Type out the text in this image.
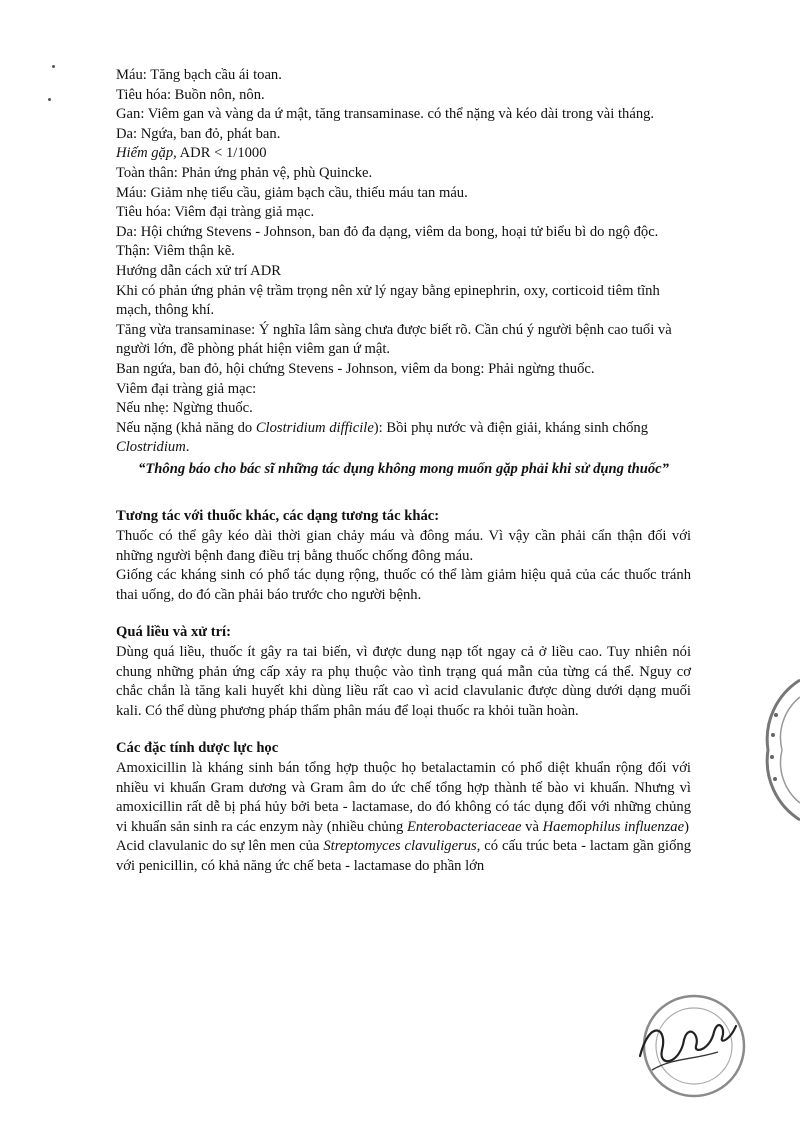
Máu: Tăng bạch cầu ái toan.

Tiêu hóa: Buồn nôn, nôn.

Gan: Viêm gan và vàng da ứ mật, tăng transaminase. có thể nặng và kéo dài trong vài tháng.

Da: Ngứa, ban đỏ, phát ban.

Hiếm gặp, ADR < 1/1000

Toàn thân: Phản ứng phản vệ, phù Quincke.

Máu: Giảm nhẹ tiểu cầu, giảm bạch cầu, thiếu máu tan máu.

Tiêu hóa: Viêm đại tràng giả mạc.

Da: Hội chứng Stevens - Johnson, ban đỏ đa dạng, viêm da bong, hoại tử biểu bì do ngộ độc.

Thận: Viêm thận kẽ.

Hướng dẫn cách xử trí ADR

Khi có phản ứng phản vệ trầm trọng nên xử lý ngay bằng epinephrin, oxy, corticoid tiêm tĩnh mạch, thông khí.

Tăng vừa transaminase: Ý nghĩa lâm sàng chưa được biết rõ. Cần chú ý người bệnh cao tuổi và người lớn, đề phòng phát hiện viêm gan ứ mật.

Ban ngứa, ban đỏ, hội chứng Stevens - Johnson, viêm da bong: Phải ngừng thuốc.

Viêm đại tràng giả mạc:

Nếu nhẹ: Ngừng thuốc.

Nếu nặng (khả năng do Clostridium difficile): Bồi phụ nước và điện giải, kháng sinh chống Clostridium.

“Thông báo cho bác sĩ những tác dụng không mong muốn gặp phải khi sử dụng thuốc”

Tương tác với thuốc khác, các dạng tương tác khác:

Thuốc có thể gây kéo dài thời gian chảy máu và đông máu. Vì vậy cần phải cẩn thận đối với những người bệnh đang điều trị bằng thuốc chống đông máu.

Giống các kháng sinh có phổ tác dụng rộng, thuốc có thể làm giảm hiệu quả của các thuốc tránh thai uống, do đó cần phải báo trước cho người bệnh.

Quá liều và xử trí:

Dùng quá liều, thuốc ít gây ra tai biến, vì được dung nạp tốt ngay cả ở liều cao. Tuy nhiên nói chung những phản ứng cấp xảy ra phụ thuộc vào tình trạng quá mẫn của từng cá thể. Nguy cơ chắc chắn là tăng kali huyết khi dùng liều rất cao vì acid clavulanic được dùng dưới dạng muối kali. Có thể dùng phương pháp thẩm phân máu để loại thuốc ra khỏi tuần hoàn.

Các đặc tính dược lực học

Amoxicillin là kháng sinh bán tổng hợp thuộc họ betalactamin có phổ diệt khuẩn rộng đối với nhiều vi khuẩn Gram dương và Gram âm do ức chế tổng hợp thành tế bào vi khuẩn. Nhưng vì amoxicillin rất dễ bị phá hủy bởi beta - lactamase, do đó không có tác dụng đối với những chủng vi khuẩn sản sinh ra các enzym này (nhiều chủng Enterobacteriaceae và Haemophilus influenzae)

Acid clavulanic do sự lên men của Streptomyces clavuligerus, có cấu trúc beta - lactam gần giống với penicillin, có khả năng ức chế beta - lactamase do phần lớn
